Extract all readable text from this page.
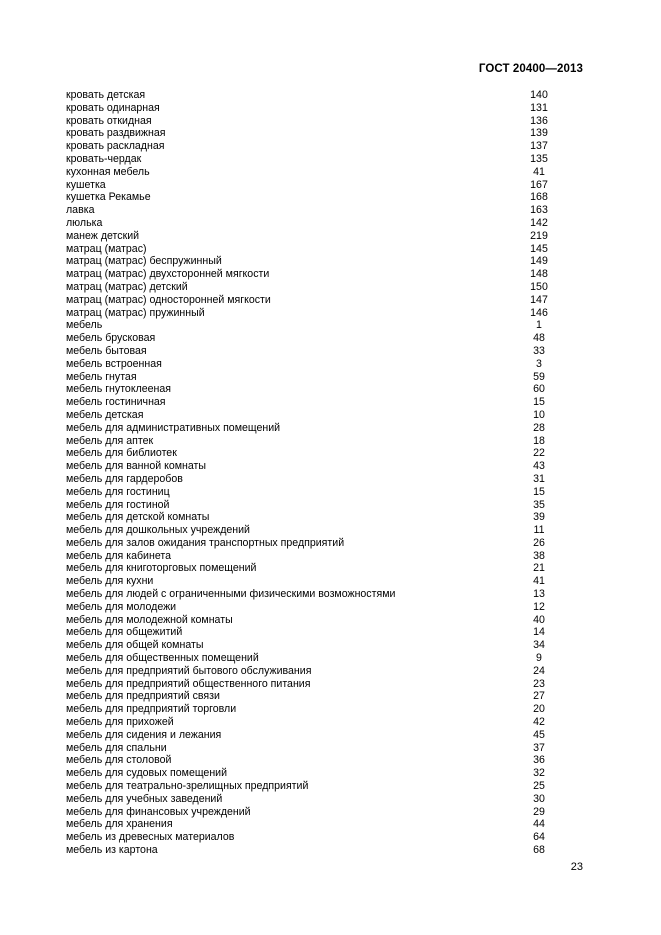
ГОСТ 20400—2013
кровать детская	140
кровать одинарная	131
кровать откидная	136
кровать раздвижная	139
кровать раскладная	137
кровать-чердак	135
кухонная мебель	41
кушетка	167
кушетка Рекамье	168
лавка	163
люлька	142
манеж детский	219
матрац (матрас)	145
матрац (матрас) беспружинный	149
матрац (матрас) двухсторонней мягкости	148
матрац (матрас) детский	150
матрац (матрас) односторонней мягкости	147
матрац (матрас) пружинный	146
мебель	1
мебель брусковая	48
мебель бытовая	33
мебель встроенная	3
мебель гнутая	59
мебель гнутоклееная	60
мебель гостиничная	15
мебель детская	10
мебель для административных помещений	28
мебель для аптек	18
мебель для библиотек	22
мебель для ванной комнаты	43
мебель для гардеробов	31
мебель для гостиниц	15
мебель для гостиной	35
мебель для детской комнаты	39
мебель для дошкольных учреждений	11
мебель для залов ожидания транспортных предприятий	26
мебель для кабинета	38
мебель для книготорговых помещений	21
мебель для кухни	41
мебель для людей с ограниченными физическими возможностями	13
мебель для молодежи	12
мебель для молодежной комнаты	40
мебель для общежитий	14
мебель для общей комнаты	34
мебель для общественных помещений	9
мебель для предприятий бытового обслуживания	24
мебель для предприятий общественного питания	23
мебель для предприятий связи	27
мебель для предприятий торговли	20
мебель для прихожей	42
мебель для сидения и лежания	45
мебель для спальни	37
мебель для столовой	36
мебель для судовых помещений	32
мебель для театрально-зрелищных предприятий	25
мебель для учебных заведений	30
мебель для финансовых учреждений	29
мебель для хранения	44
мебель из древесных материалов	64
мебель из картона	68
23
